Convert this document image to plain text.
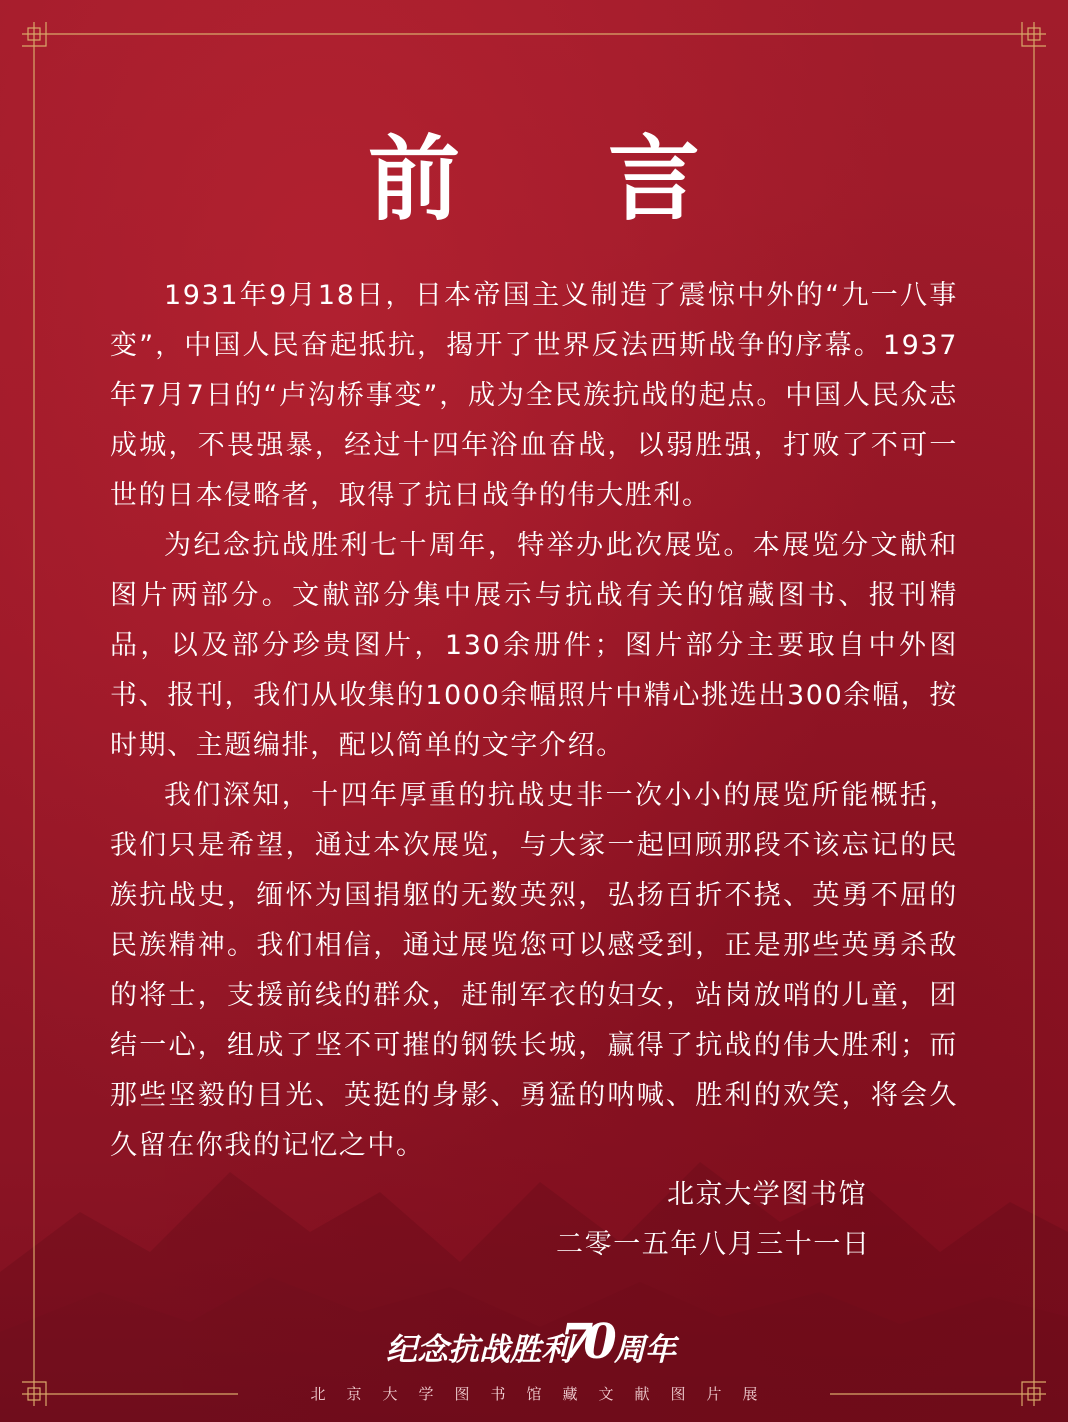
前 言

1931年9月18日，日本帝国主义制造了震惊中外的“九一八事变”，中国人民奋起抵抗，揭开了世界反法西斯战争的序幕。1937年7月7日的“卢沟桥事变”，成为全民族抗战的起点。中国人民众志成城，不畏强暴，经过十四年浴血奋战，以弱胜强，打败了不可一世的日本侵略者，取得了抗日战争的伟大胜利。

为纪念抗战胜利七十周年，特举办此次展览。本展览分文献和图片两部分。文献部分集中展示与抗战有关的馆藏图书、报刊精品，以及部分珍贵图片，130余册件；图片部分主要取自中外图书、报刊，我们从收集的1000余幅照片中精心挑选出300余幅，按时期、主题编排，配以简单的文字介绍。

我们深知，十四年厚重的抗战史非一次小小的展览所能概括，我们只是希望，通过本次展览，与大家一起回顾那段不该忘记的民族抗战史，缅怀为国捐躯的无数英烈，弘扬百折不挠、英勇不屈的民族精神。我们相信，通过展览您可以感受到，正是那些英勇杀敌的将士，支援前线的群众，赶制军衣的妇女，站岗放哨的儿童，团结一心，组成了坚不可摧的钢铁长城，赢得了抗战的伟大胜利；而那些坚毅的目光、英挺的身影、勇猛的呐喊、胜利的欢笑，将会久久留在你我的记忆之中。

北京大学图书馆
二零一五年八月三十一日
纪念抗战胜利
70 周年
北京大学图书馆藏文献图片展
